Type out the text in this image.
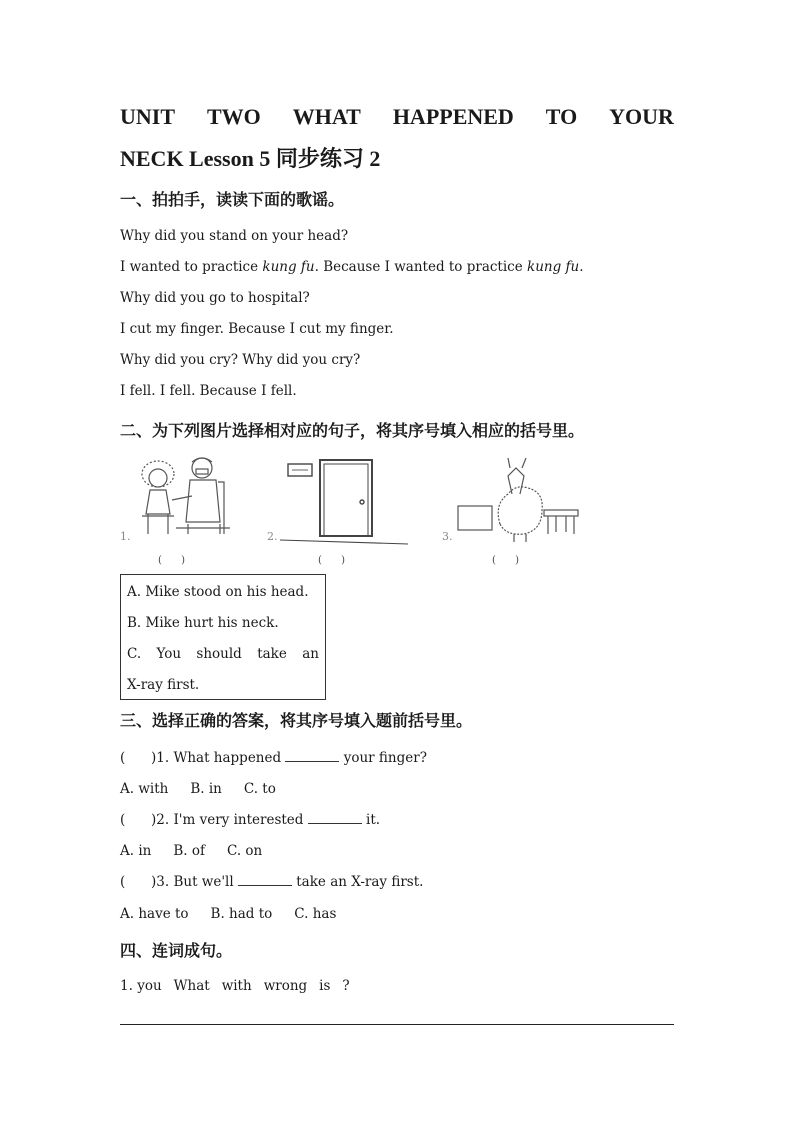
UNIT TWO WHAT HAPPENED TO YOUR
NECK Lesson 5 同步练习 2
一、拍拍手，读读下面的歌谣。

Why did you stand on your head?

I wanted to practice kung fu. Because I wanted to practice kung fu.

Why did you go to hospital?

I cut my finger. Because I cut my finger.

Why did you cry? Why did you cry?

I fell. I fell. Because I fell.

二、为下列图片选择相对应的句子，将其序号填入相应的括号里。
1.
( )
2.
( )
3.
( )

A. Mike stood on his head.

B. Mike hurt his neck.

C. You should take an

X-ray first.

三、选择正确的答案，将其序号填入题前括号里。

(      )1. What happened	your finger?

A. with B. in C. to

(      )2. I'm very interested	it.

A. in B. of C. on

(      )3. But we'll	take an X-ray first.

A. have to B. had to C. has

四、连词成句。

1. you What with wrong is ?
